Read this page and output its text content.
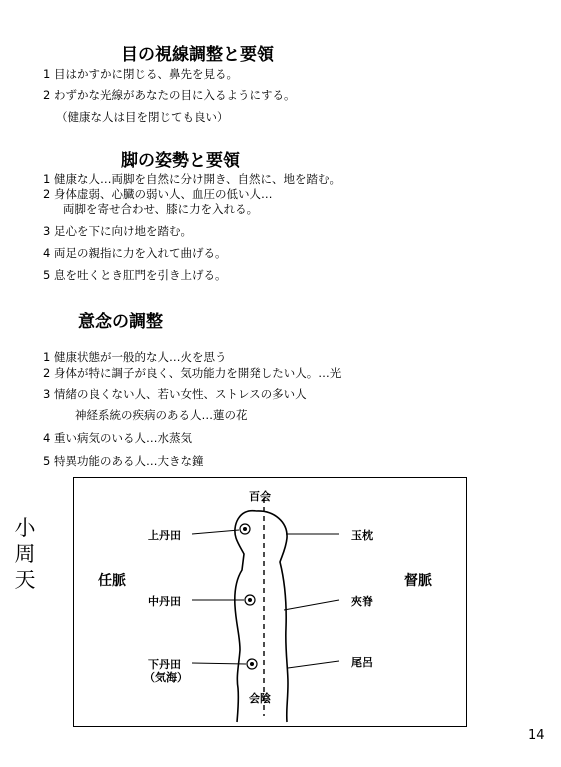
目の視線調整と要領
1 目はかすかに閉じる、鼻先を見る。
2 わずかな光線があなたの目に入るようにする。
（健康な人は目を閉じても良い）
脚の姿勢と要領
1 健康な人…両脚を自然に分け開き、自然に、地を踏む。
2 身体虚弱、心臓の弱い人、血圧の低い人…
両脚を寄せ合わせ、膝に力を入れる。
3 足心を下に向け地を踏む。
4 両足の親指に力を入れて曲げる。
5 息を吐くとき肛門を引き上げる。
意念の調整
1 健康状態が一般的な人…火を思う
2 身体が特に調子が良く、気功能力を開発したい人。…光
3 情緒の良くない人、若い女性、ストレスの多い人
神経系統の疾病のある人…蓮の花
4 重い病気のいる人…水蒸気
5 特異功能のある人…大きな鐘
小
周
天
百会
会陰
上丹田
中丹田
下丹田
（気海）
任脈	督脈
玉枕
夾脊
尾呂
14
